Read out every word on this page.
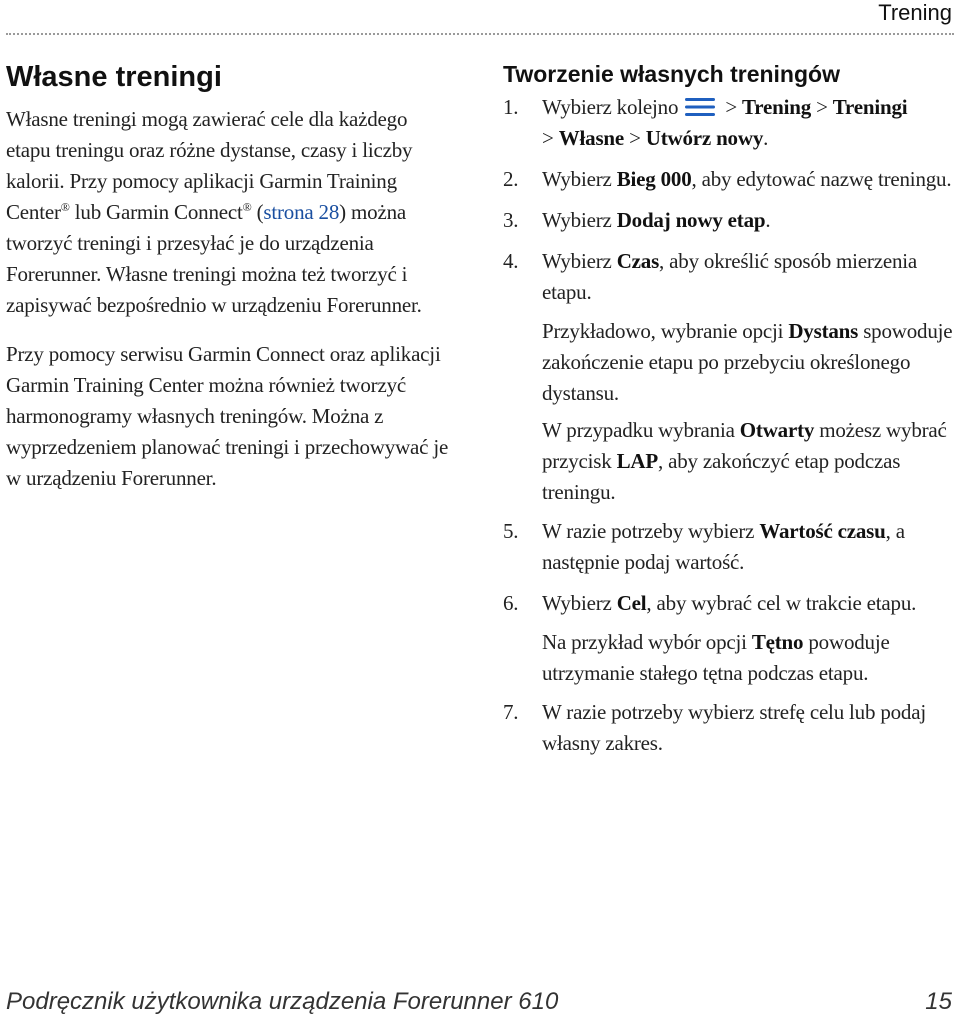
Trening
Własne treningi

Własne treningi mogą zawierać cele dla każdego etapu treningu oraz różne dystanse, czasy i liczby kalorii. Przy pomocy aplikacji Garmin Training Center® lub Garmin Connect® (strona 28) można tworzyć treningi i przesyłać je do urządzenia Forerunner. Własne treningi można też tworzyć i zapisywać bezpośrednio w urządzeniu Forerunner.

Przy pomocy serwisu Garmin Connect oraz aplikacji Garmin Training Center można również tworzyć harmonogramy własnych treningów. Można z wyprzedzeniem planować treningi i przechowywać je w urządzeniu Forerunner.

Tworzenie własnych treningów
1. Wybierz kolejno > Trening > Treningi
> Własne > Utwórz nowy.
2. Wybierz Bieg 000, aby edytować nazwę treningu.
3. Wybierz Dodaj nowy etap.
4. Wybierz Czas, aby określić sposób mierzenia etapu.

Przykładowo, wybranie opcji Dystans spowoduje zakończenie etapu po przebyciu określonego dystansu.

W przypadku wybrania Otwarty możesz wybrać przycisk LAP, aby zakończyć etap podczas treningu.

5. W razie potrzeby wybierz Wartość czasu, a następnie podaj wartość.
6. Wybierz Cel, aby wybrać cel w trakcie etapu.

Na przykład wybór opcji Tętno powoduje utrzymanie stałego tętna podczas etapu.

7. W razie potrzeby wybierz strefę celu lub podaj własny zakres.
Podręcznik użytkownika urządzenia Forerunner 610	15
